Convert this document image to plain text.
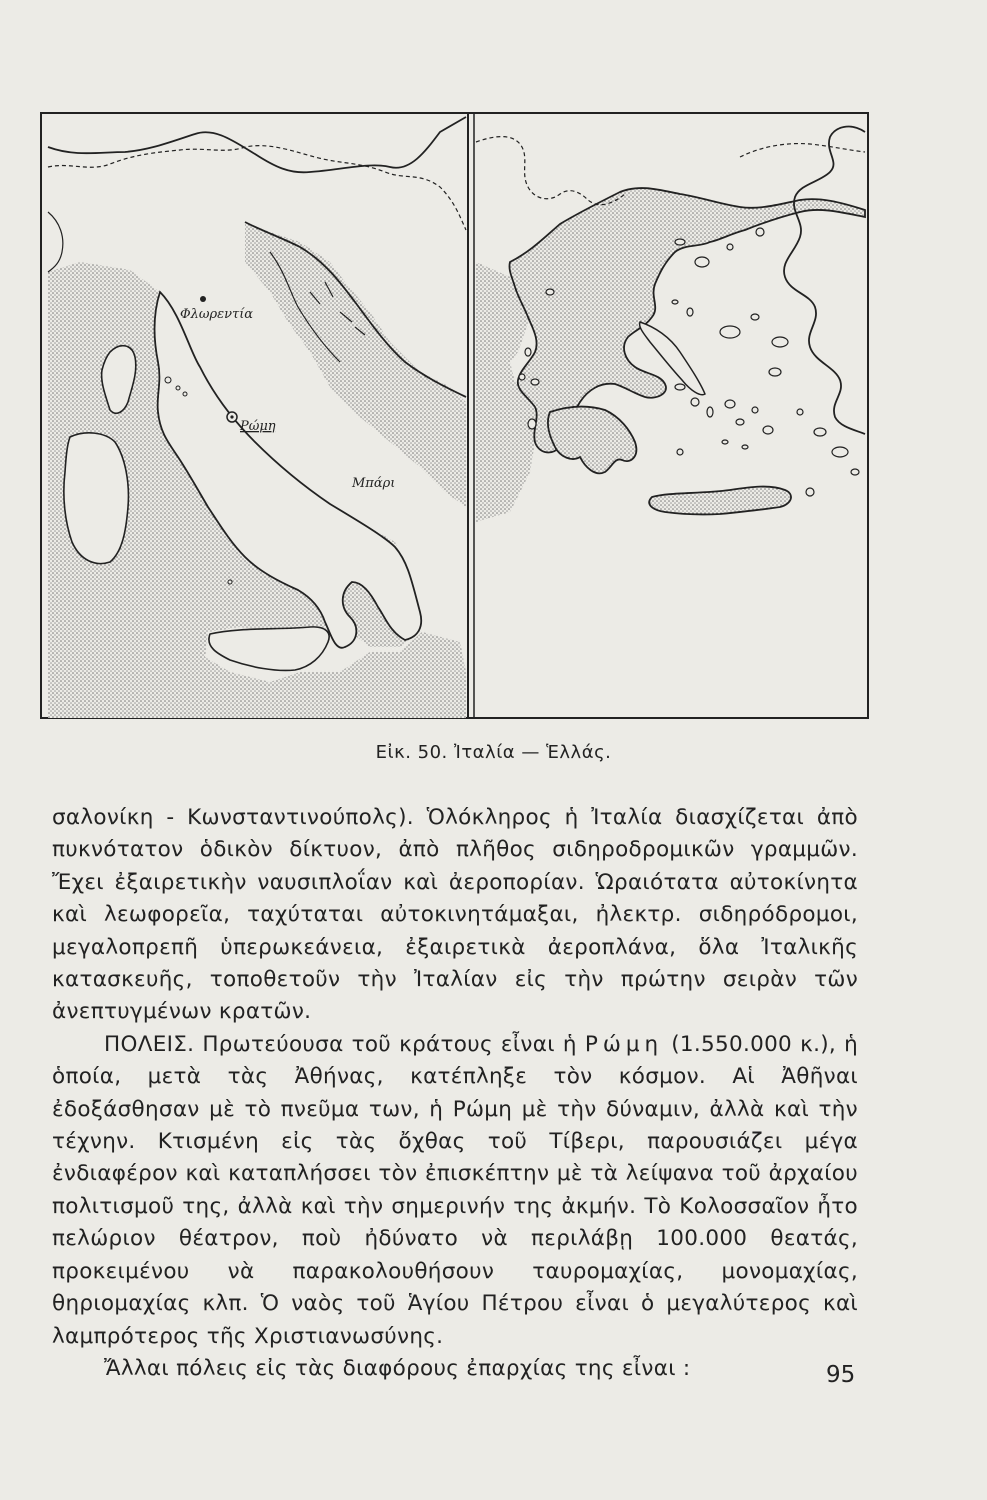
Φλωρεντία
Ρώμη
Μπάρι
Εἰκ. 50. Ἰταλία — Ἑλλάς.

σαλονίκη - Κωνσταντινούπολς). Ὁλόκληρος ἡ Ἰταλία διασχίζεται ἀπὸ πυκνότατον ὁδικὸν δίκτυον, ἀπὸ πλῆθος σιδηροδρομικῶν γραμμῶν. Ἔχει ἐξαιρετικὴν ναυσιπλοΐαν καὶ ἀεροπορίαν. Ὡραιότατα αὐτοκίνητα καὶ λεωφορεῖα, ταχύταται αὐτοκινητάμαξαι, ἠλεκτρ. σιδηρόδρομοι, μεγαλοπρεπῆ ὑπερωκεάνεια, ἐξαιρετικὰ ἀεροπλάνα, ὅλα Ἰταλικῆς κατασκευῆς, τοποθετοῦν τὴν Ἰταλίαν εἰς τὴν πρώτην σειρὰν τῶν ἀνεπτυγμένων κρατῶν.

ΠΟΛΕΙΣ. Πρωτεύουσα τοῦ κράτους εἶναι ἡ Ρώμη (1.550.000 κ.), ἡ ὁποία, μετὰ τὰς Ἀθήνας, κατέπληξε τὸν κόσμον. Αἱ Ἀθῆναι ἐδοξάσθησαν μὲ τὸ πνεῦμα των, ἡ Ρώμη μὲ τὴν δύναμιν, ἀλλὰ καὶ τὴν τέχνην. Κτισμένη εἰς τὰς ὄχθας τοῦ Τίβερι, παρουσιάζει μέγα ἐνδιαφέρον καὶ καταπλήσσει τὸν ἐπισκέπτην μὲ τὰ λείψανα τοῦ ἀρχαίου πολιτισμοῦ της, ἀλλὰ καὶ τὴν σημερινήν της ἀκμήν. Τὸ Κολοσσαῖον ἦτο πελώριον θέατρον, ποὺ ἠδύνατο νὰ περιλάβῃ 100.000 θεατάς, προκειμένου νὰ παρακολουθήσουν ταυρομαχίας, μονομαχίας, θηριομαχίας κλπ. Ὁ ναὸς τοῦ Ἁγίου Πέτρου εἶναι ὁ μεγαλύτερος καὶ λαμπρότερος τῆς Χριστιανωσύνης.

Ἄλλαι πόλεις εἰς τὰς διαφόρους ἐπαρχίας της εἶναι :	95
